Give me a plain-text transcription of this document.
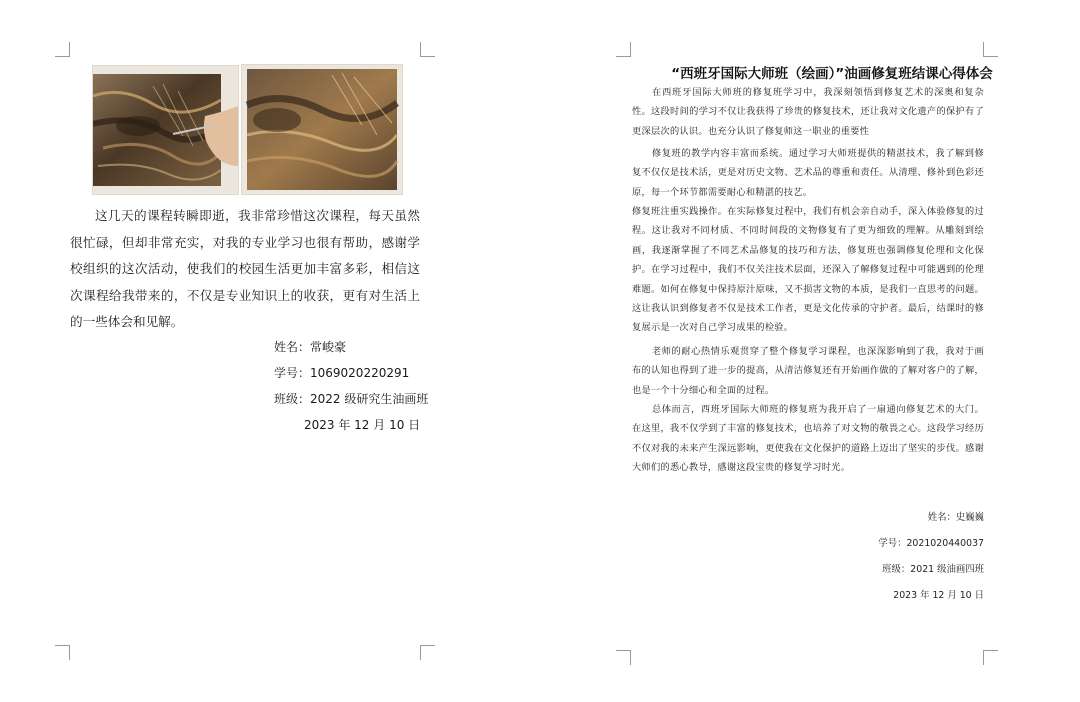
这几天的课程转瞬即逝，我非常珍惜这次课程，每天虽然很忙碌，但却非常充实，对我的专业学习也很有帮助，感谢学校组织的这次活动，使我们的校园生活更加丰富多彩，相信这次课程给我带来的，不仅是专业知识上的收获，更有对生活上的一些体会和见解。

姓名：常峻豪
学号：1069020220291
班级：2022 级研究生油画班
2023 年 12 月 10 日
“西班牙国际大师班（绘画）”油画修复班结课心得体会

在西班牙国际大师班的修复班学习中，我深刻领悟到修复艺术的深奥和复杂性。这段时间的学习不仅让我获得了珍贵的修复技术，还让我对文化遗产的保护有了更深层次的认识。也充分认识了修复师这一职业的重要性

修复班的教学内容丰富而系统。通过学习大师班提供的精湛技术，我了解到修复不仅仅是技术活，更是对历史文物、艺术品的尊重和责任。从清理、修补到色彩还原，每一个环节都需要耐心和精湛的技艺。

修复班注重实践操作。在实际修复过程中，我们有机会亲自动手，深入体验修复的过程。这让我对不同材质、不同时间段的文物修复有了更为细致的理解。从雕刻到绘画，我逐渐掌握了不同艺术品修复的技巧和方法，修复班也强调修复伦理和文化保护。在学习过程中，我们不仅关注技术层面，还深入了解修复过程中可能遇到的伦理难题。如何在修复中保持原汁原味，又不损害文物的本质，是我们一直思考的问题。这让我认识到修复者不仅是技术工作者，更是文化传承的守护者。最后，结课时的修复展示是一次对自己学习成果的检验。

老师的耐心热情乐观贯穿了整个修复学习课程，也深深影响到了我，我对于画布的认知也得到了进一步的提高，从清洁修复还有开始画作做的了解对客户的了解，也是一个十分细心和全面的过程。

总体而言，西班牙国际大师班的修复班为我开启了一扇通向修复艺术的大门。在这里，我不仅学到了丰富的修复技术，也培养了对文物的敬畏之心。这段学习经历不仅对我的未来产生深远影响，更使我在文化保护的道路上迈出了坚实的步伐。感谢大师们的悉心教导，感谢这段宝贵的修复学习时光。

姓名：史巍巍
学号：2021020440037
班级：2021 级油画四班
2023 年 12 月 10 日
